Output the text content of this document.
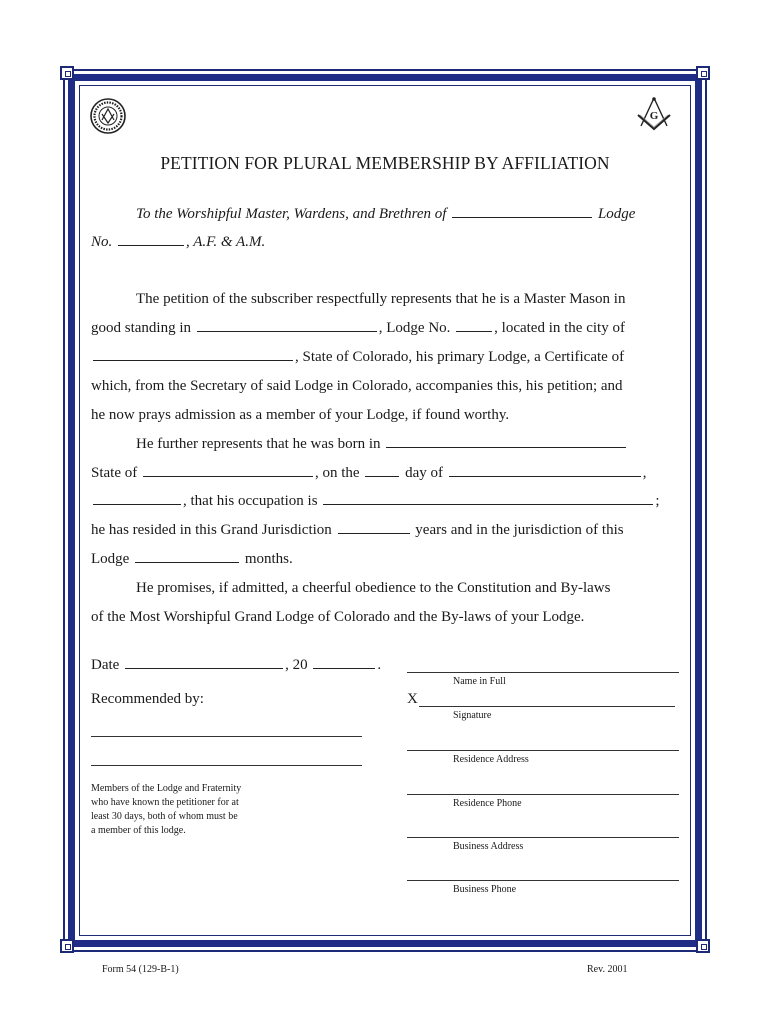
G
PETITION FOR PLURAL MEMBERSHIP BY AFFILIATION
To the Worshipful Master, Wardens, and Brethren of	Lodge
No.	, A.F. & A.M.
The petition of the subscriber respectfully represents that he is a Master Mason in
good standing in	, Lodge No.	, located in the city of
, State of Colorado, his primary Lodge, a Certificate of
which, from the Secretary of said Lodge in Colorado, accompanies this, his petition; and
he now prays admission as a member of your Lodge, if found worthy.
He further represents that he was born in
State of	, on the	day of	,
, that his occupation is	;
he has resided in this Grand Jurisdiction	years and in the jurisdiction of this
Lodge	months.
He promises, if admitted, a cheerful obedience to the Constitution and By-laws
of the Most Worshipful Grand Lodge of Colorado and the By-laws of your Lodge.
Date	, 20	.
Recommended by:
Members of the Lodge and Fraternity
who have known the petitioner for at
least 30 days, both of whom must be
a member of this lodge.
Name in Full
X
Signature
Residence Address
Residence Phone
Business Address
Business Phone
Form 54 (129-B-1)	Rev. 2001
